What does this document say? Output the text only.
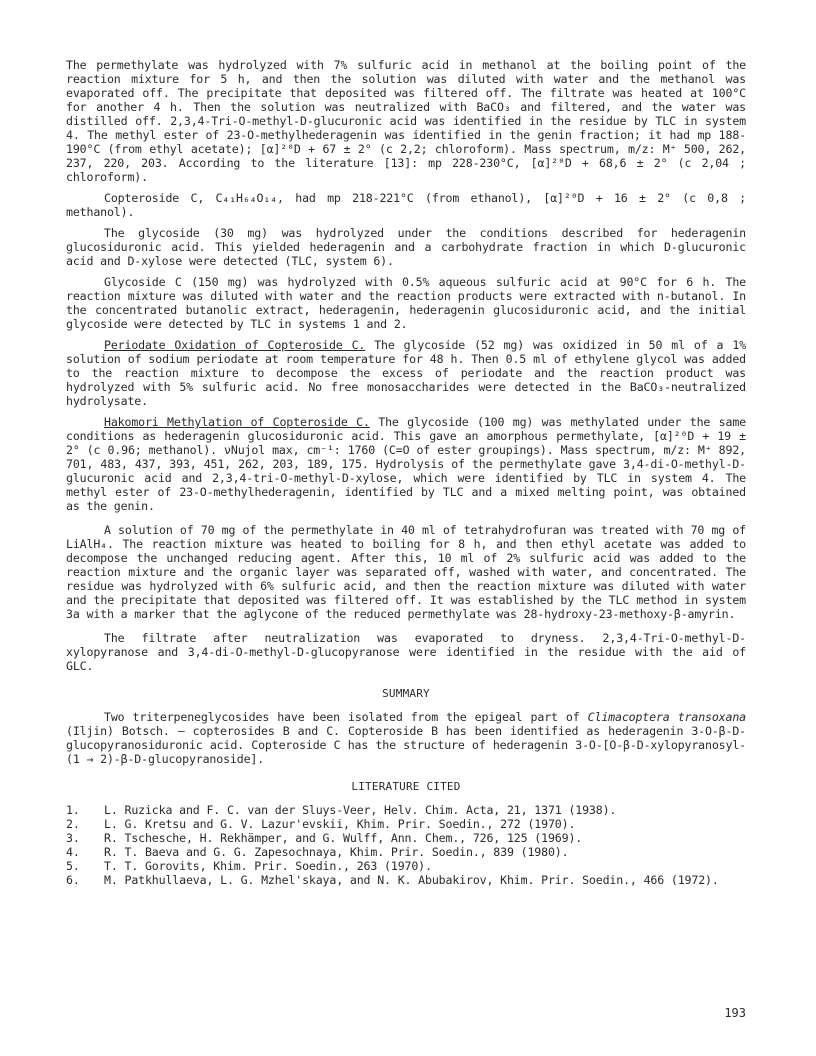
The permethylate was hydrolyzed with 7% sulfuric acid in methanol at the boiling point of the reaction mixture for 5 h, and then the solution was diluted with water and the methanol was evaporated off. The precipitate that deposited was filtered off. The filtrate was heated at 100°C for another 4 h. Then the solution was neutralized with BaCO₃ and filtered, and the water was distilled off. 2,3,4-Tri-O-methyl-D-glucuronic acid was identified in the residue by TLC in system 4. The methyl ester of 23-O-methylhederagenin was identified in the genin fraction; it had mp 188-190°C (from ethyl acetate); [α]²⁰D + 67 ± 2° (c 2,2; chloroform). Mass spectrum, m/z: M⁺ 500, 262, 237, 220, 203. According to the literature [13]: mp 228-230°C, [α]²⁰D + 68,6 ± 2° (c 2,04 ; chloroform).

Copteroside C, C₄₁H₆₄O₁₄, had mp 218-221°C (from ethanol), [α]²⁰D + 16 ± 2° (c 0,8 ; methanol).

The glycoside (30 mg) was hydrolyzed under the conditions described for hederagenin glucosiduronic acid. This yielded hederagenin and a carbohydrate fraction in which D-glucuronic acid and D-xylose were detected (TLC, system 6).

Glycoside C (150 mg) was hydrolyzed with 0.5% aqueous sulfuric acid at 90°C for 6 h. The reaction mixture was diluted with water and the reaction products were extracted with n-butanol. In the concentrated butanolic extract, hederagenin, hederagenin glucosiduronic acid, and the initial glycoside were detected by TLC in systems 1 and 2.

Periodate Oxidation of Copteroside C. The glycoside (52 mg) was oxidized in 50 ml of a 1% solution of sodium periodate at room temperature for 48 h. Then 0.5 ml of ethylene glycol was added to the reaction mixture to decompose the excess of periodate and the reaction product was hydrolyzed with 5% sulfuric acid. No free monosaccharides were detected in the BaCO₃-neutralized hydrolysate.

Hakomori Methylation of Copteroside C. The glycoside (100 mg) was methylated under the same conditions as hederagenin glucosiduronic acid. This gave an amorphous permethylate, [α]²⁰D + 19 ± 2° (c 0.96; methanol). νNujol max, cm⁻¹: 1760 (C=O of ester groupings). Mass spectrum, m/z: M⁺ 892, 701, 483, 437, 393, 451, 262, 203, 189, 175. Hydrolysis of the permethylate gave 3,4-di-O-methyl-D-glucuronic acid and 2,3,4-tri-O-methyl-D-xylose, which were identified by TLC in system 4. The methyl ester of 23-O-methylhederagenin, identified by TLC and a mixed melting point, was obtained as the genin.

A solution of 70 mg of the permethylate in 40 ml of tetrahydrofuran was treated with 70 mg of LiAlH₄. The reaction mixture was heated to boiling for 8 h, and then ethyl acetate was added to decompose the unchanged reducing agent. After this, 10 ml of 2% sulfuric acid was added to the reaction mixture and the organic layer was separated off, washed with water, and concentrated. The residue was hydrolyzed with 6% sulfuric acid, and then the reaction mixture was diluted with water and the precipitate that deposited was filtered off. It was established by the TLC method in system 3a with a marker that the aglycone of the reduced permethylate was 28-hydroxy-23-methoxy-β-amyrin.

The filtrate after neutralization was evaporated to dryness. 2,3,4-Tri-O-methyl-D-xylopyranose and 3,4-di-O-methyl-D-glucopyranose were identified in the residue with the aid of GLC.

SUMMARY

Two triterpeneglycosides have been isolated from the epigeal part of Climacoptera transoxana (Iljin) Botsch. — copterosides B and C. Copteroside B has been identified as hederagenin 3-O-β-D-glucopyranosiduronic acid. Copteroside C has the structure of hederagenin 3-O-[O-β-D-xylopyranosyl-(1 → 2)-β-D-glucopyranoside].

LITERATURE CITED
1.	L. Ruzicka and F. C. van der Sluys-Veer, Helv. Chim. Acta, 21, 1371 (1938).
2.	L. G. Kretsu and G. V. Lazur'evskii, Khim. Prir. Soedin., 272 (1970).
3.	R. Tschesche, H. Rekhämper, and G. Wulff, Ann. Chem., 726, 125 (1969).
4.	R. T. Baeva and G. G. Zapesochnaya, Khim. Prir. Soedin., 839 (1980).
5.	T. T. Gorovits, Khim. Prir. Soedin., 263 (1970).
6.	M. Patkhullaeva, L. G. Mzhel'skaya, and N. K. Abubakirov, Khim. Prir. Soedin., 466 (1972).
193
